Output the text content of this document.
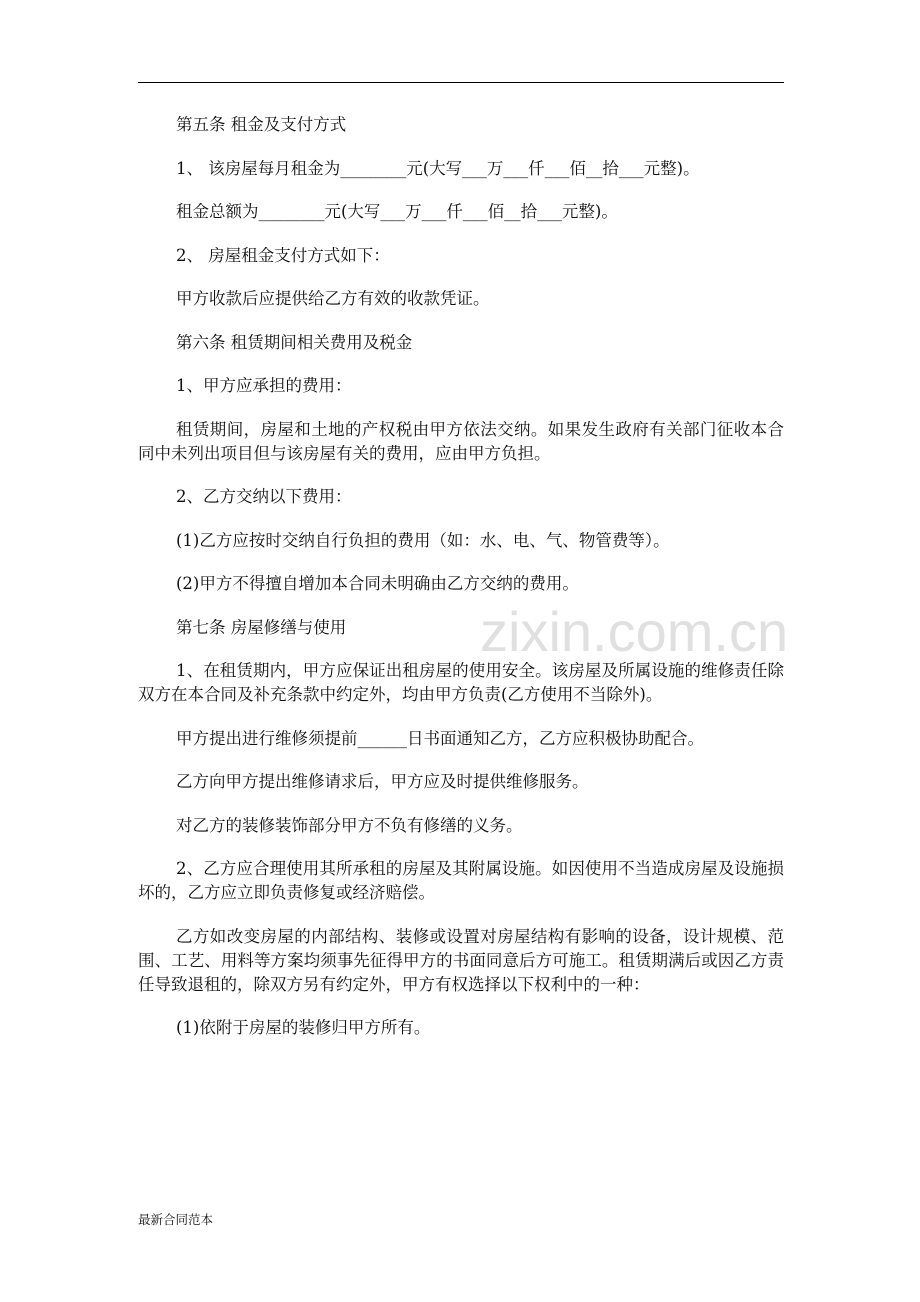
第五条 租金及支付方式

1、 该房屋每月租金为________元(大写___万___仟___佰__拾___元整)。

租金总额为________元(大写___万___仟___佰__拾___元整)。

2、 房屋租金支付方式如下：

甲方收款后应提供给乙方有效的收款凭证。

第六条 租赁期间相关费用及税金

1、甲方应承担的费用：

租赁期间，房屋和土地的产权税由甲方依法交纳。如果发生政府有关部门征收本合同中未列出项目但与该房屋有关的费用，应由甲方负担。

2、乙方交纳以下费用：

(1)乙方应按时交纳自行负担的费用（如：水、电、气、物管费等）。

(2)甲方不得擅自增加本合同未明确由乙方交纳的费用。

第七条 房屋修缮与使用

1、在租赁期内，甲方应保证出租房屋的使用安全。该房屋及所属设施的维修责任除双方在本合同及补充条款中约定外，均由甲方负责(乙方使用不当除外)。

甲方提出进行维修须提前______日书面通知乙方，乙方应积极协助配合。

乙方向甲方提出维修请求后，甲方应及时提供维修服务。

对乙方的装修装饰部分甲方不负有修缮的义务。

2、乙方应合理使用其所承租的房屋及其附属设施。如因使用不当造成房屋及设施损坏的，乙方应立即负责修复或经济赔偿。

乙方如改变房屋的内部结构、装修或设置对房屋结构有影响的设备，设计规模、范围、工艺、用料等方案均须事先征得甲方的书面同意后方可施工。租赁期满后或因乙方责任导致退租的，除双方另有约定外，甲方有权选择以下权利中的一种：

(1)依附于房屋的装修归甲方所有。

zixin.com.cn
最新合同范本
